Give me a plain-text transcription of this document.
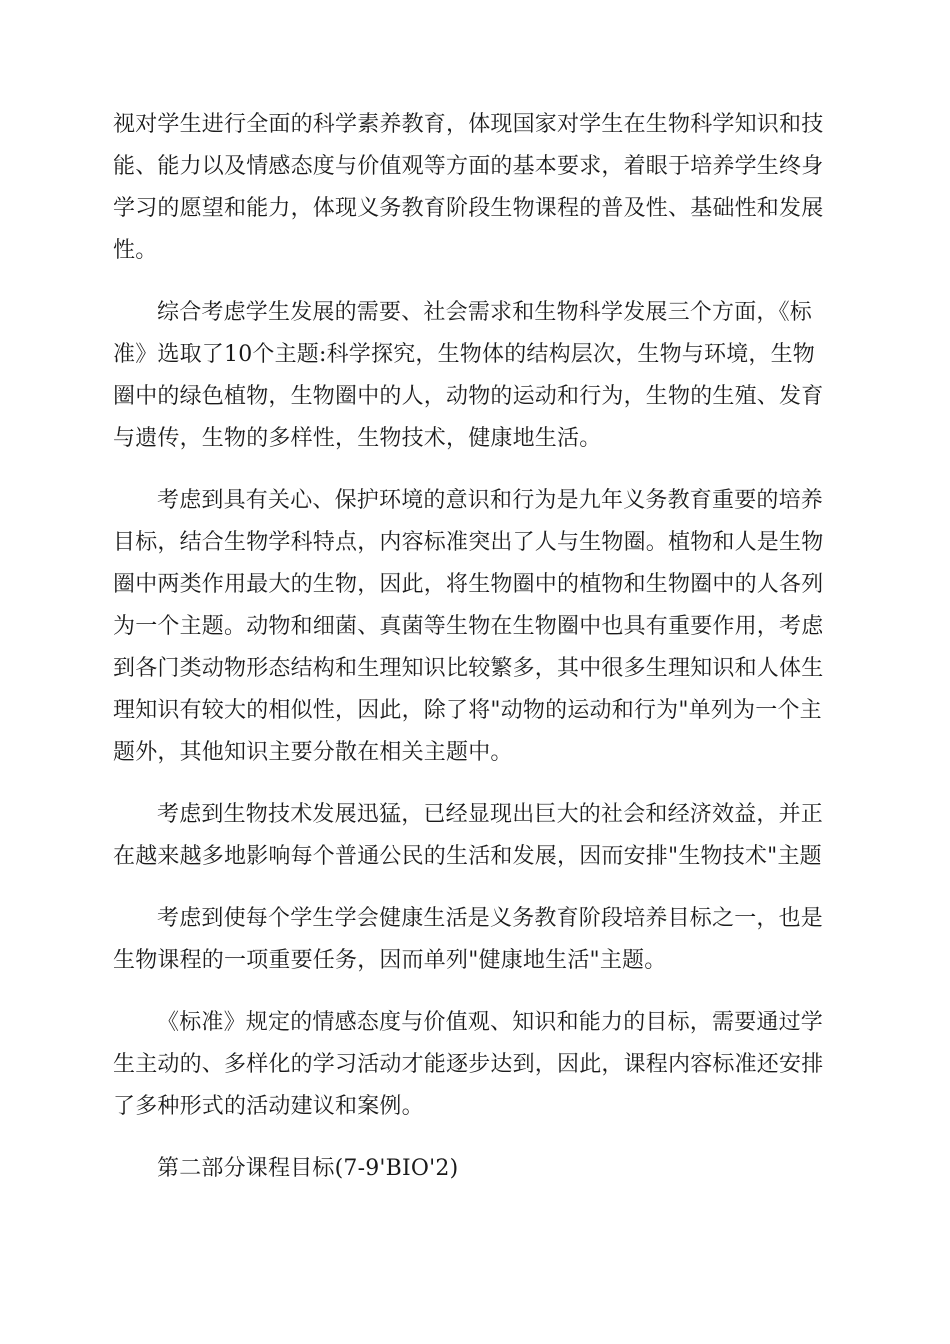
视对学生进行全面的科学素养教育，体现国家对学生在生物科学知识和技
能、能力以及情感态度与价值观等方面的基本要求，着眼于培养学生终身
学习的愿望和能力，体现义务教育阶段生物课程的普及性、基础性和发展
性。

综合考虑学生发展的需要、社会需求和生物科学发展三个方面，《标
准》选取了10个主题:科学探究，生物体的结构层次，生物与环境，生物
圈中的绿色植物，生物圈中的人，动物的运动和行为，生物的生殖、发育
与遗传，生物的多样性，生物技术，健康地生活。

考虑到具有关心、保护环境的意识和行为是九年义务教育重要的培养
目标，结合生物学科特点，内容标准突出了人与生物圈。植物和人是生物
圈中两类作用最大的生物，因此，将生物圈中的植物和生物圈中的人各列
为一个主题。动物和细菌、真菌等生物在生物圈中也具有重要作用，考虑
到各门类动物形态结构和生理知识比较繁多，其中很多生理知识和人体生
理知识有较大的相似性，因此，除了将"动物的运动和行为"单列为一个主
题外，其他知识主要分散在相关主题中。

考虑到生物技术发展迅猛，已经显现出巨大的社会和经济效益，并正
在越来越多地影响每个普通公民的生活和发展，因而安排"生物技术"主题

考虑到使每个学生学会健康生活是义务教育阶段培养目标之一，也是
生物课程的一项重要任务，因而单列"健康地生活"主题。

《标准》规定的情感态度与价值观、知识和能力的目标，需要通过学
生主动的、多样化的学习活动才能逐步达到，因此，课程内容标准还安排
了多种形式的活动建议和案例。

第二部分课程目标(7-9'BIO'2)
